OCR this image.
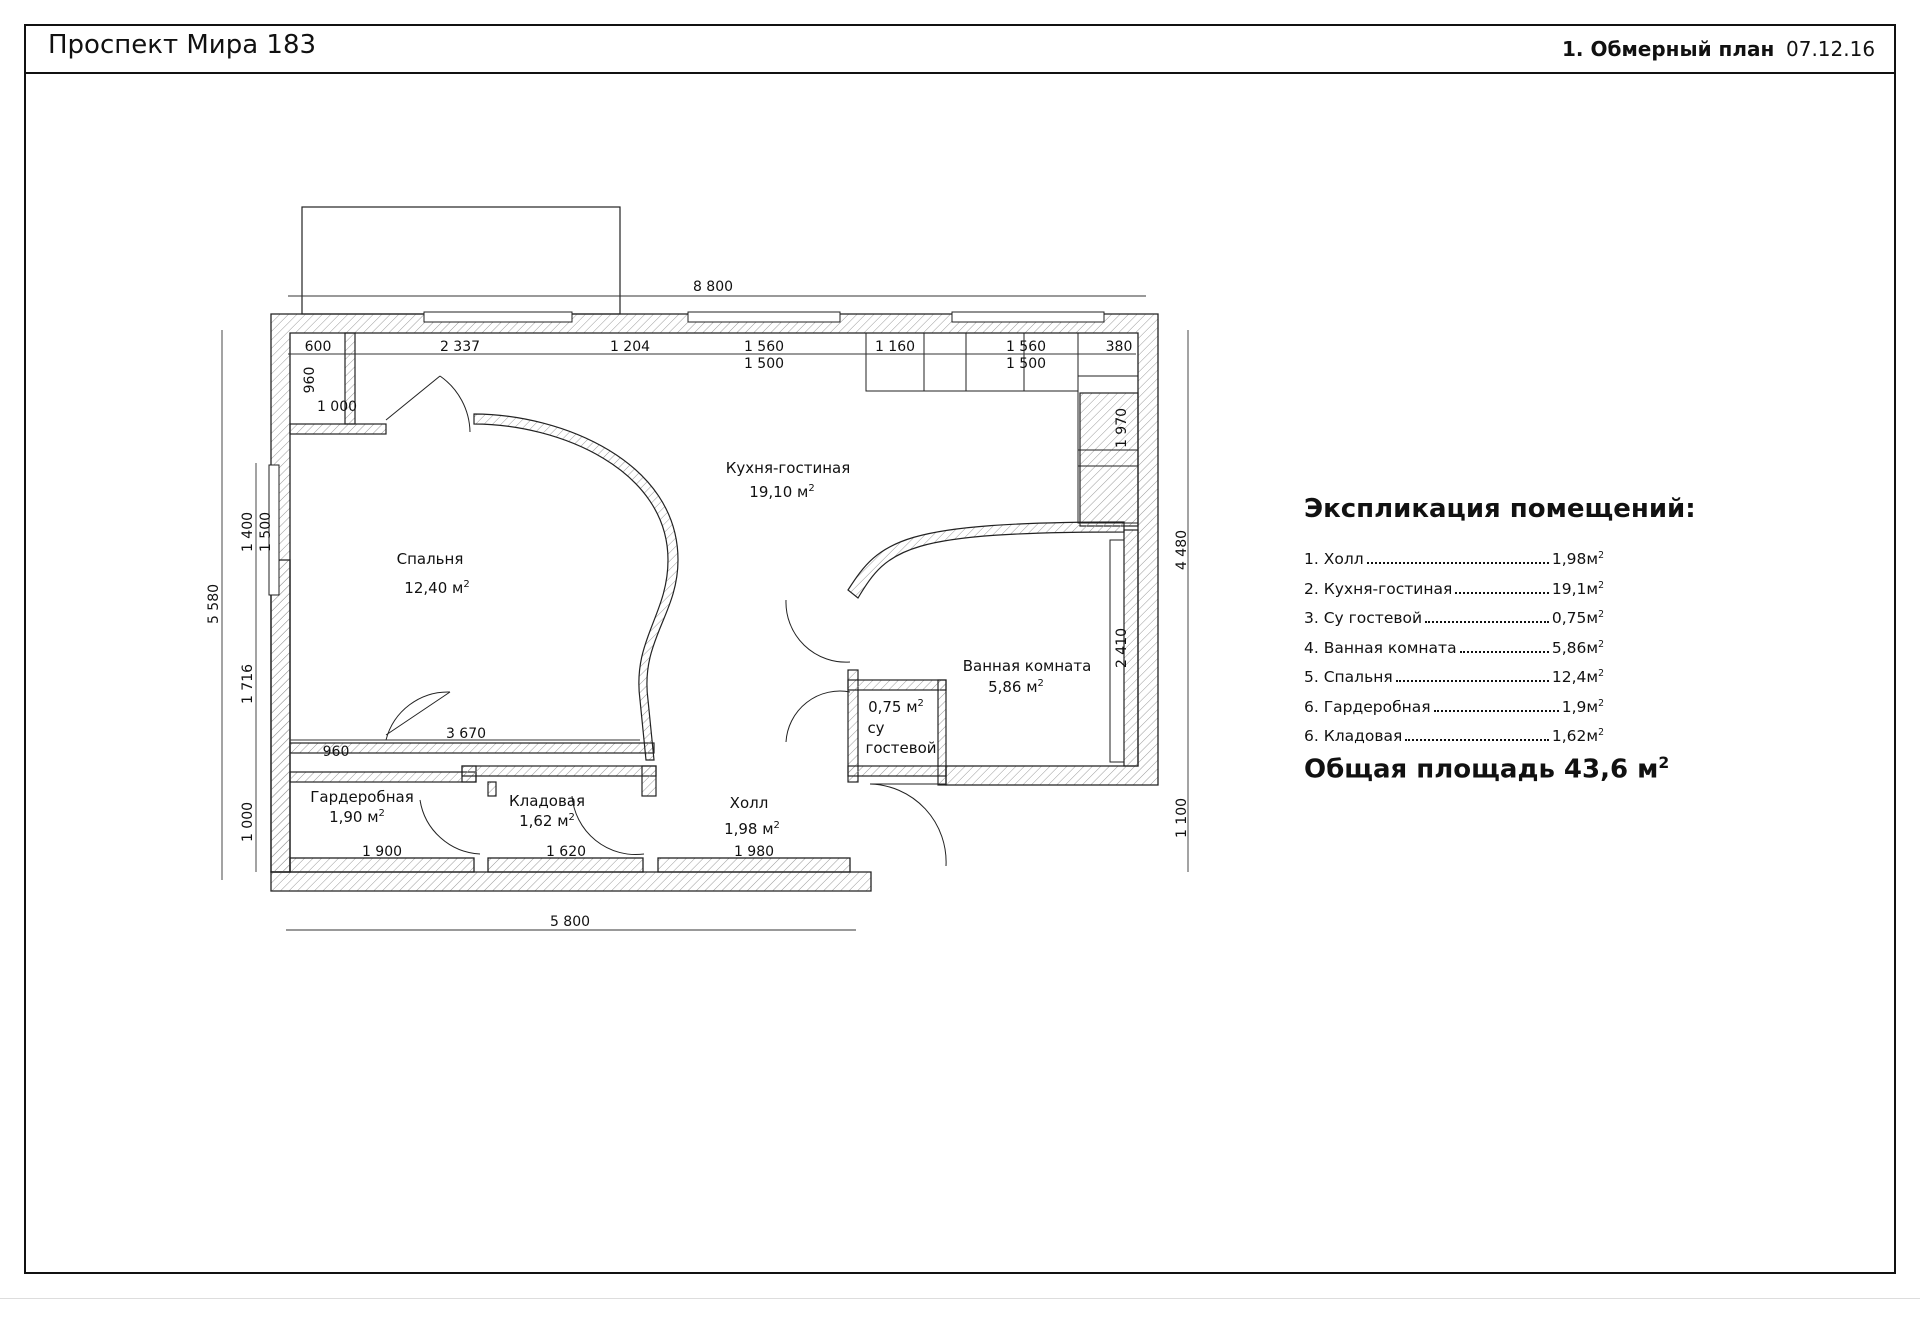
Проспект Мира 183	1. Обмерный план 07.12.16
8 800
600	2 337	1 204	1 560	1 160	1 560	380
1 500	1 500
1 000
3 670
960
1 900	1 620	1 980
5 800
960
5 580
1 400 1 500
1 716
1 000
4 480
1 100
1 970
2 410
Кухня-гостиная
19,10 $м^2$
Спальня
12,40 $м^2$
Ванная комната
5,86 $м^2$
0,75 $м^2$
су
гостевой
Холл
1,98 $м^2$
Гардеробная
1,90 $м^2$
Кладовая
1,62 $м^2$
Экспликация помещений:
1. Холл	$1,98м^2$
2. Кухня-гостиная	$19,1м^2$
3. Су гостевой	$0,75м^2$
4. Ванная комната	$5,86м^2$
5. Спальня	$12,4м^2$
6. Гардеробная	$1,9м^2$
6. Кладовая	$1,62м^2$
Общая площадь 43,6 $м^2$
